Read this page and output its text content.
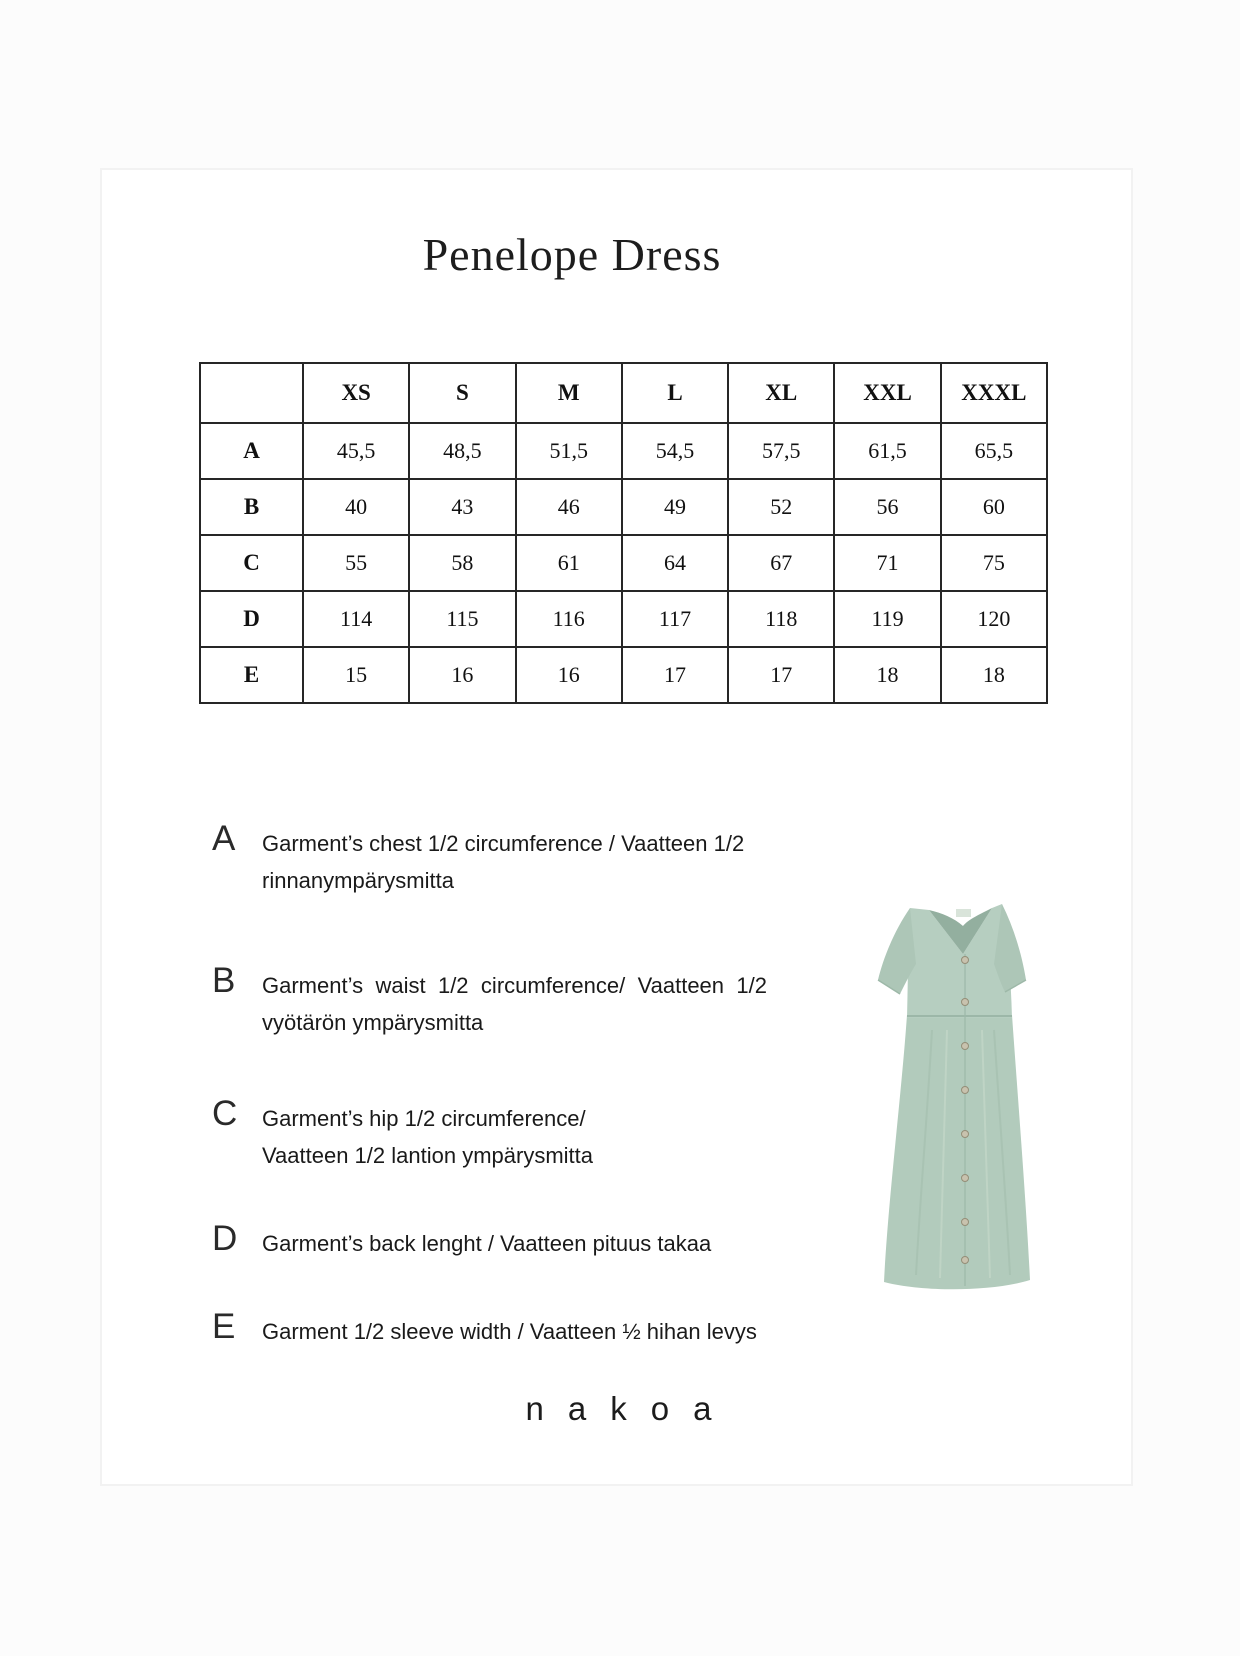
Penelope Dress
	XS	S	M	L	XL	XXL	XXXL
A	45,5	48,5	51,5	54,5	57,5	61,5	65,5
B	40	43	46	49	52	56	60
C	55	58	61	64	67	71	75
D	114	115	116	117	118	119	120
E	15	16	16	17	17	18	18
A	Garment’s chest 1/2 circumference / Vaatteen 1/2
rinnanympärysmitta
B	Garment’s waist 1/2 circumference/ Vaatteen 1/2
vyötärön ympärysmitta
C	Garment’s hip 1/2 circumference/
Vaatteen 1/2 lantion ympärysmitta
D	Garment’s back lenght / Vaatteen pituus takaa
E	Garment 1/2 sleeve width / Vaatteen ½ hihan levys
nakoa
